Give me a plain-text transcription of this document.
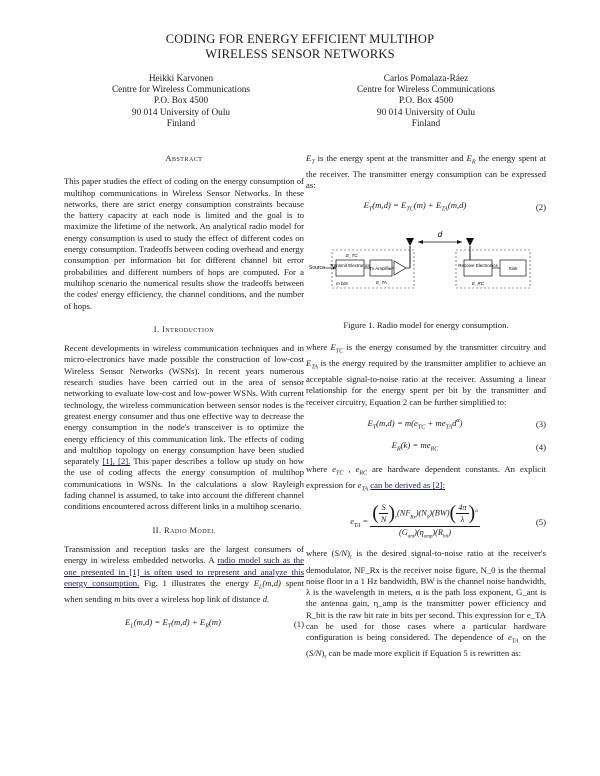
CODING FOR ENERGY EFFICIENT MULTIHOP
WIRELESS SENSOR NETWORKS
Heikki Karvonen
Centre for Wireless Communications
P.O. Box 4500
90 014 University of Oulu
Finland
Carlos Pomalaza-Ráez
Centre for Wireless Communications
P.O. Box 4500
90 014 University of Oulu
Finland
Abstract

This paper studies the effect of coding on the energy consumption of multihop communications in Wireless Sensor Networks. In these networks, there are strict energy consumption constraints because the battery capacity at each node is limited and the goal is to maximize the lifetime of the network. An analytical radio model for energy consumption is used to study the effect of different codes on energy consumption. Tradeoffs between coding overhead and energy consumption per information bit for different channel bit error probabilities and different numbers of hops are computed. For a multihop scenario the numerical results show the tradeoffs between the codes' energy efficiency, the channel conditions, and the number of hops.

I. Introduction

Recent developments in wireless communication techniques and in micro-electronics have made possible the construction of low-cost Wireless Sensor Networks (WSNs). In recent years numerous research studies have been carried out in the area of sensor networking to evaluate low-cost and low-power WSNs. With current technology, the wireless communication between sensor nodes is the greatest energy consumer and thus one effective way to decrease the energy consumption in the node's transceiver is to optimize the energy efficiency of this communication link. The effects of coding and multihop topology on energy consumption have been studied separately [1], [2]. This paper describes a follow up study on how the use of coding affects the energy consumption of multihop communications in WSNs. In the calculations a slow Rayleigh fading channel is assumed, to take into account the different channel conditions encountered across different links in a multihop scenario.

II. Radio Model

Transmission and reception tasks are the largest consumers of energy in wireless embedded networks. A radio model such as the one presented in [1] is often used to represent and analyze this energy consumption. Fig. 1 illustrates the energy $E_L(m,d)$ spent when sending m bits over a wireless hop link of distance d.

$E_L(m,d) = E_T(m,d) + E_R(m)$	(1)

$E_T$ is the energy spent at the transmitter and $E_R$ the energy spent at the receiver. The transmitter energy consumption can be expressed as:

$E_T(m,d) = E_{TC}(m) + E_{TA}(m,d)$	(2)
d
Source Transmit Electronics
Tx Amplifier
m bits
E_TC
E_TA
Receive Electronics
Sink
E_RC
Figure 1. Radio model for energy consumption.

where $E_{TC}$ is the energy consumed by the transmitter circuitry and $E_{TA}$ is the energy required by the transmitter amplifier to achieve an acceptable signal-to-noise ratio at the receiver. Assuming a linear relationship for the energy spent per bit by the transmitter and receiver circuitry, Equation 2 can be further simplified to:

$E_T(m,d) = m(e_{TC} + me_{TA}d^\alpha)$	(3)
$E_R(k) = me_{RC}$	(4)

where $e_{TC}$ , $e_{RC}$ are hardware dependent constants. An explicit expression for $e_{TA}$ can be derived as [2]:

$e_{TA} = \frac{( \frac{S}{N} )_r(NF_{Rx})(N_0)(BW)( \frac{4\pi}{\lambda} )^\alpha}{(G_{ant})(\eta_{amp})(R_{bit})}$	(5)

where $(S/N)_r$ is the desired signal-to-noise ratio at the receiver's demodulator, NF_Rx is the receiver noise figure, N_0 is the thermal noise floor in a 1 Hz bandwidth, BW is the channel noise bandwidth, λ is the wavelength in meters, α is the path loss exponent, G_ant is the antenna gain, η_amp is the transmitter power efficiency and R_bit is the raw bit rate in bits per second. This expression for e_TA can be used for those cases where a particular hardware configuration is being considered. The dependence of $e_{TA}$ on the $(S/N)_r$ can be made more explicit if Equation 5 is rewritten as:
